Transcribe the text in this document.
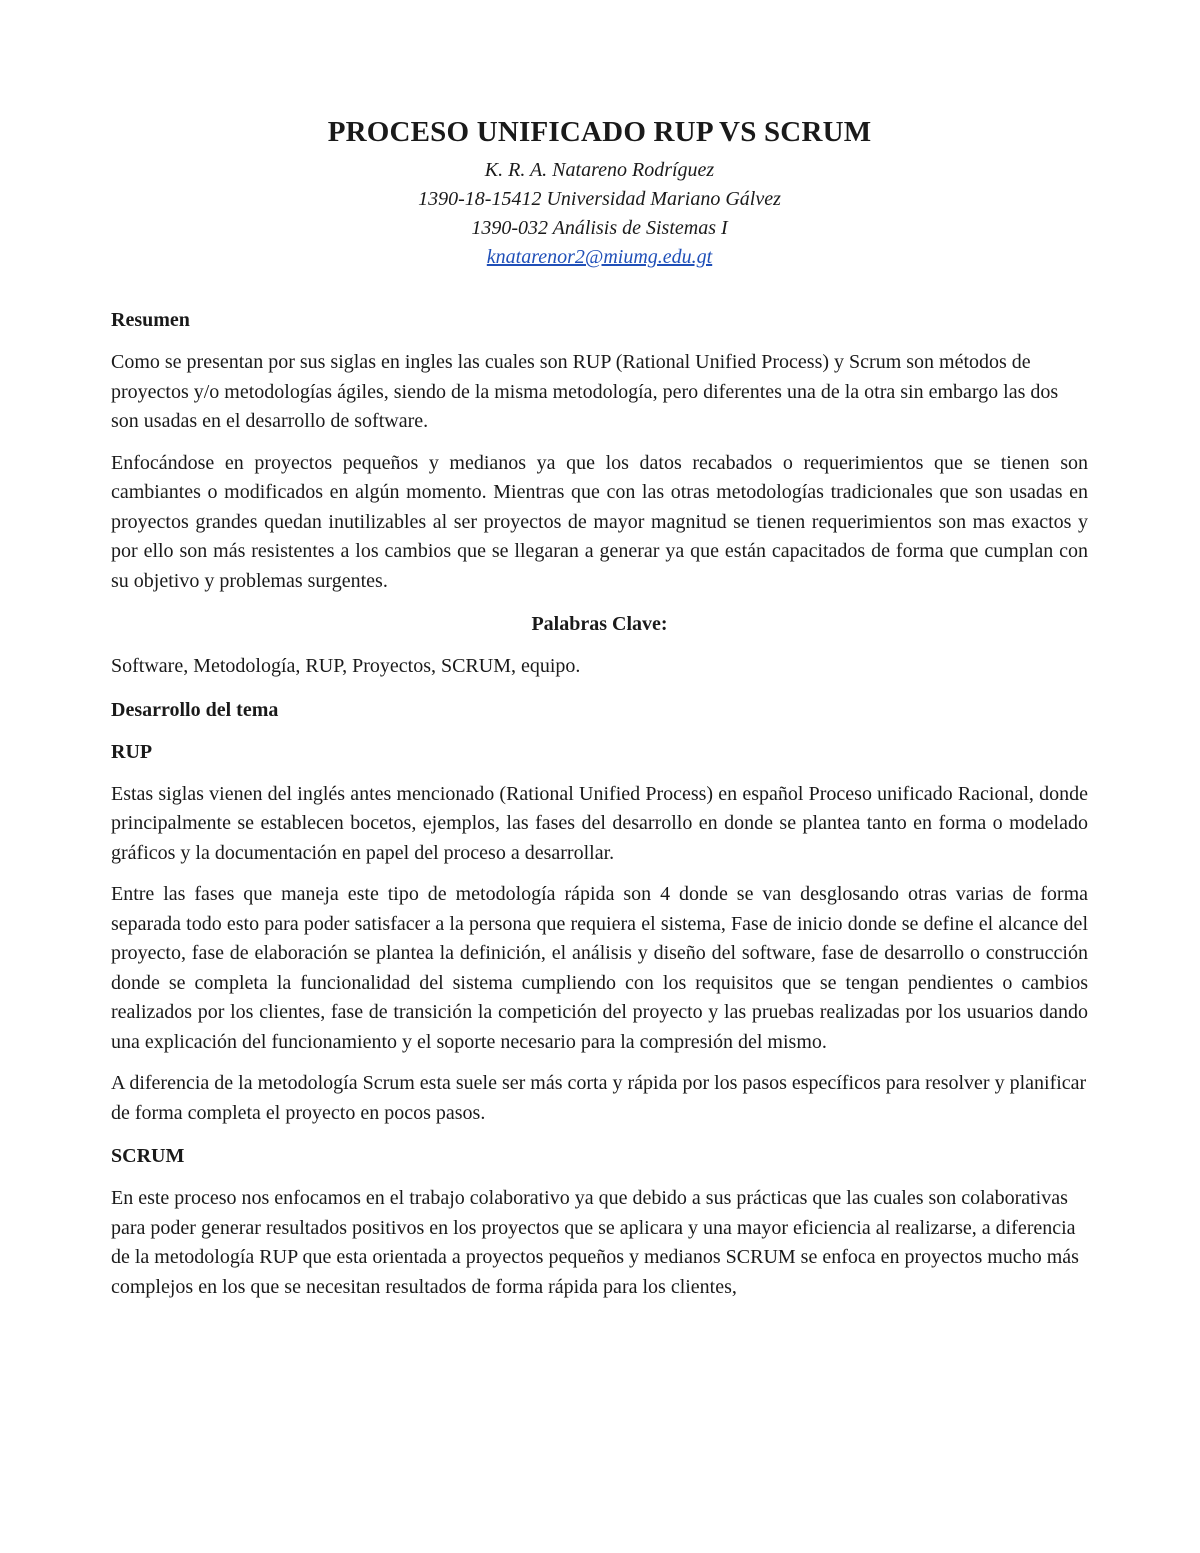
PROCESO UNIFICADO RUP VS SCRUM

K. R. A. Natareno Rodríguez

1390-18-15412 Universidad Mariano Gálvez

1390-032 Análisis de Sistemas I

knatarenor2@miumg.edu.gt

Resumen

Como se presentan por sus siglas en ingles las cuales son RUP (Rational Unified Process) y Scrum son métodos de proyectos y/o metodologías ágiles, siendo de la misma metodología, pero diferentes una de la otra sin embargo las dos son usadas en el desarrollo de software.

Enfocándose en proyectos pequeños y medianos ya que los datos recabados o requerimientos que se tienen son cambiantes o modificados en algún momento. Mientras que con las otras metodologías tradicionales que son usadas en proyectos grandes quedan inutilizables al ser proyectos de mayor magnitud se tienen requerimientos son mas exactos y por ello son más resistentes a los cambios que se llegaran a generar ya que están capacitados de forma que cumplan con su objetivo y problemas surgentes.

Palabras Clave:

Software, Metodología, RUP, Proyectos, SCRUM, equipo.

Desarrollo del tema

RUP

Estas siglas vienen del inglés antes mencionado (Rational Unified Process) en español Proceso unificado Racional, donde principalmente se establecen bocetos, ejemplos, las fases del desarrollo en donde se plantea tanto en forma o modelado gráficos y la documentación en papel del proceso a desarrollar.

Entre las fases que maneja este tipo de metodología rápida son 4 donde se van desglosando otras varias de forma separada todo esto para poder satisfacer a la persona que requiera el sistema, Fase de inicio donde se define el alcance del proyecto, fase de elaboración se plantea la definición, el análisis y diseño del software, fase de desarrollo o construcción donde se completa la funcionalidad del sistema cumpliendo con los requisitos que se tengan pendientes o cambios realizados por los clientes, fase de transición la competición del proyecto y las pruebas realizadas por los usuarios dando una explicación del funcionamiento y el soporte necesario para la compresión del mismo.

A diferencia de la metodología Scrum esta suele ser más corta y rápida por los pasos específicos para resolver y planificar de forma completa el proyecto en pocos pasos.

SCRUM

En este proceso nos enfocamos en el trabajo colaborativo ya que debido a sus prácticas que las cuales son colaborativas para poder generar resultados positivos en los proyectos que se aplicara y una mayor eficiencia al realizarse, a diferencia de la metodología RUP que esta orientada a proyectos pequeños y medianos SCRUM se enfoca en proyectos mucho más complejos en los que se necesitan resultados de forma rápida para los clientes,
